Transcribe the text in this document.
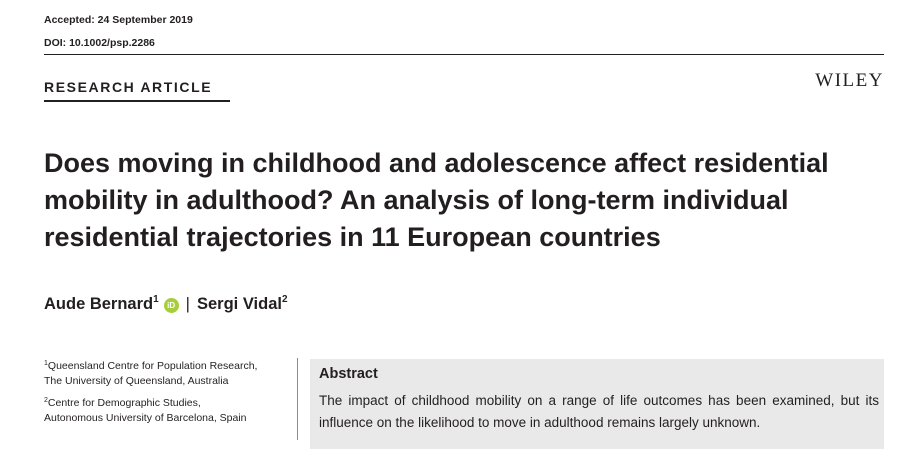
Accepted: 24 September 2019
DOI: 10.1002/psp.2286
RESEARCH ARTICLE	WILEY
Does moving in childhood and adolescence affect residential mobility in adulthood? An analysis of long-term individual residential trajectories in 11 European countries
Aude Bernard$^1$iD | Sergi Vidal$^2$
$^1$Queensland Centre for Population Research,
The University of Queensland, Australia
$^2$Centre for Demographic Studies,
Autonomous University of Barcelona, Spain
Abstract
The impact of childhood mobility on a range of life outcomes has been examined, but its influence on the likelihood to move in adulthood remains largely unknown.
